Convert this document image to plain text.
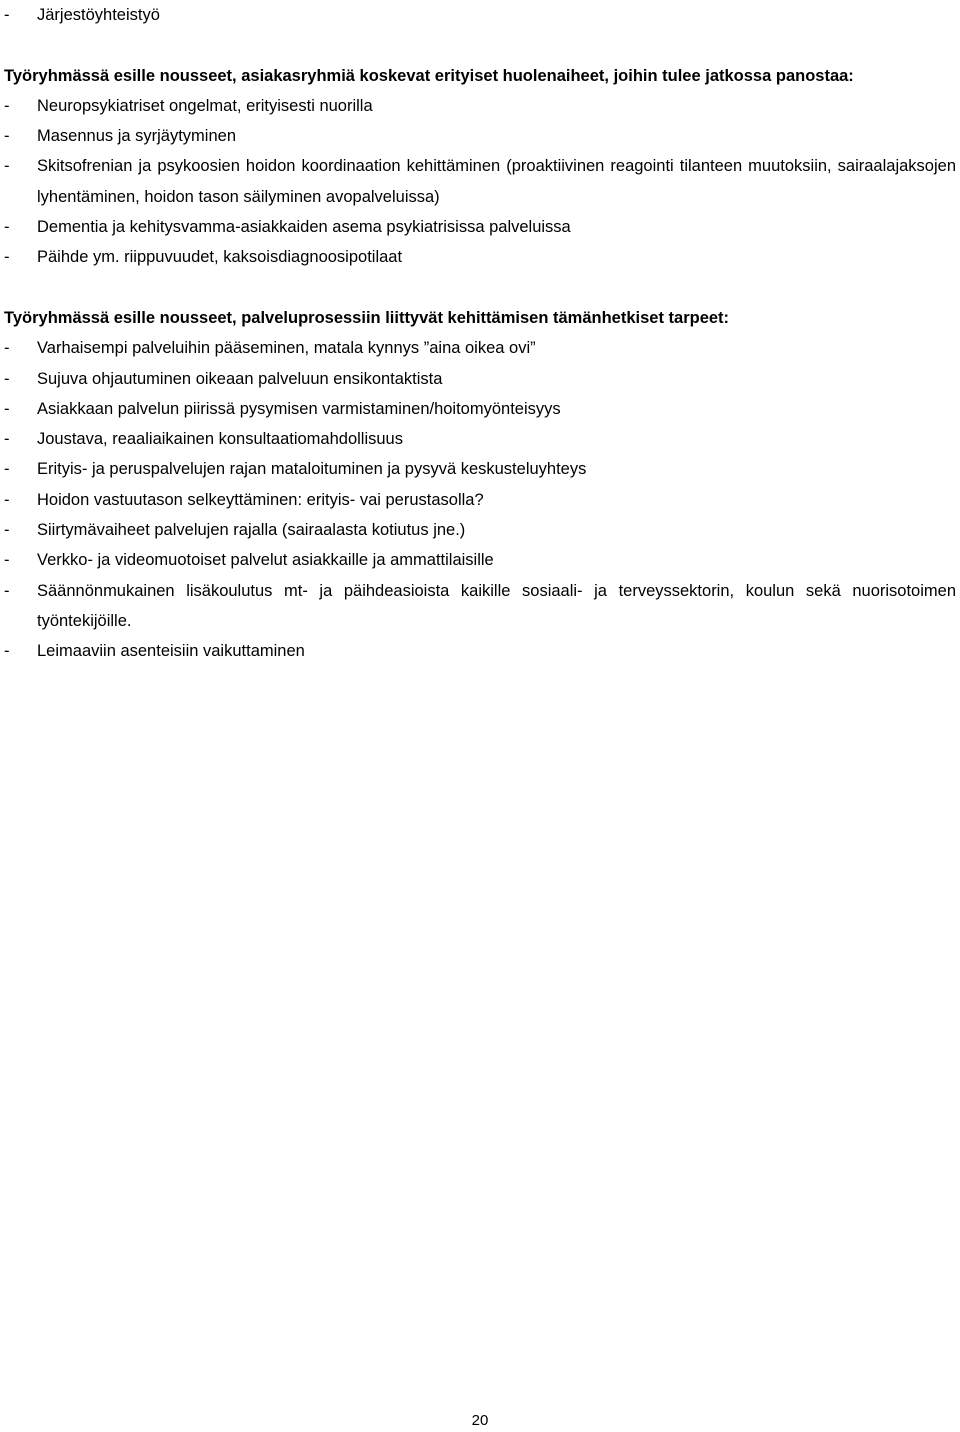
-	Järjestöyhteistyö
Työryhmässä esille nousseet, asiakasryhmiä koskevat erityiset huolenaiheet, joihin tulee jatkossa panostaa:
-	Neuropsykiatriset ongelmat, erityisesti nuorilla
-	Masennus ja syrjäytyminen
-	Skitsofrenian ja psykoosien hoidon koordinaation kehittäminen (proaktiivinen reagointi tilanteen muutoksiin, sairaalajaksojen lyhentäminen, hoidon tason säilyminen avopalveluissa)
-	Dementia ja kehitysvamma-asiakkaiden asema psykiatrisissa palveluissa
-	Päihde ym. riippuvuudet, kaksoisdiagnoosipotilaat
Työryhmässä esille nousseet, palveluprosessiin liittyvät kehittämisen tämänhetkiset tarpeet:
-	Varhaisempi palveluihin pääseminen, matala kynnys ”aina oikea ovi”
-	Sujuva ohjautuminen oikeaan palveluun ensikontaktista
-	Asiakkaan palvelun piirissä pysymisen varmistaminen/hoitomyönteisyys
-	Joustava, reaaliaikainen konsultaatiomahdollisuus
-	Erityis- ja peruspalvelujen rajan mataloituminen ja pysyvä keskusteluyhteys
-	Hoidon vastuutason selkeyttäminen: erityis- vai perustasolla?
-	Siirtymävaiheet palvelujen rajalla (sairaalasta kotiutus jne.)
-	Verkko- ja videomuotoiset palvelut asiakkaille ja ammattilaisille
-	Säännönmukainen lisäkoulutus mt- ja päihdeasioista kaikille sosiaali- ja terveyssektorin, koulun sekä nuorisotoimen työntekijöille.
-	Leimaaviin asenteisiin vaikuttaminen
20
